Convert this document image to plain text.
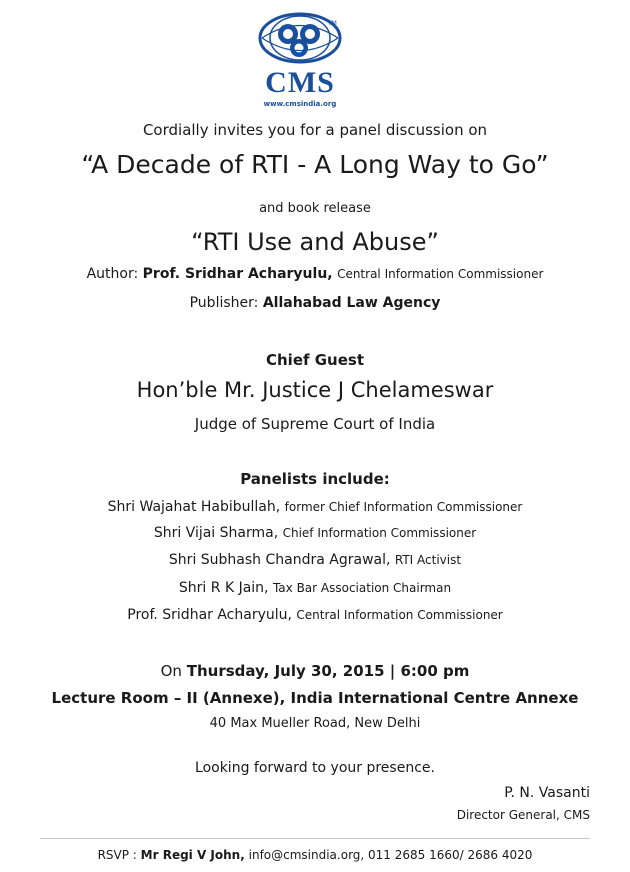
TM
CMS
www.cmsindia.org
Cordially invites you for a panel discussion on
“A Decade of RTI - A Long Way to Go”
and book release
“RTI Use and Abuse”
Author: Prof. Sridhar Acharyulu, Central Information Commissioner
Publisher: Allahabad Law Agency
Chief Guest
Hon’ble Mr. Justice J Chelameswar
Judge of Supreme Court of India
Panelists include:
Shri Wajahat Habibullah, former Chief Information Commissioner
Shri Vijai Sharma, Chief Information Commissioner
Shri Subhash Chandra Agrawal, RTI Activist
Shri R K Jain, Tax Bar Association Chairman
Prof. Sridhar Acharyulu, Central Information Commissioner
On Thursday, July 30, 2015 | 6:00 pm
Lecture Room – II (Annexe), India International Centre Annexe
40 Max Mueller Road, New Delhi
Looking forward to your presence.
P. N. Vasanti
Director General, CMS
RSVP : Mr Regi V John, info@cmsindia.org, 011 2685 1660/ 2686 4020
